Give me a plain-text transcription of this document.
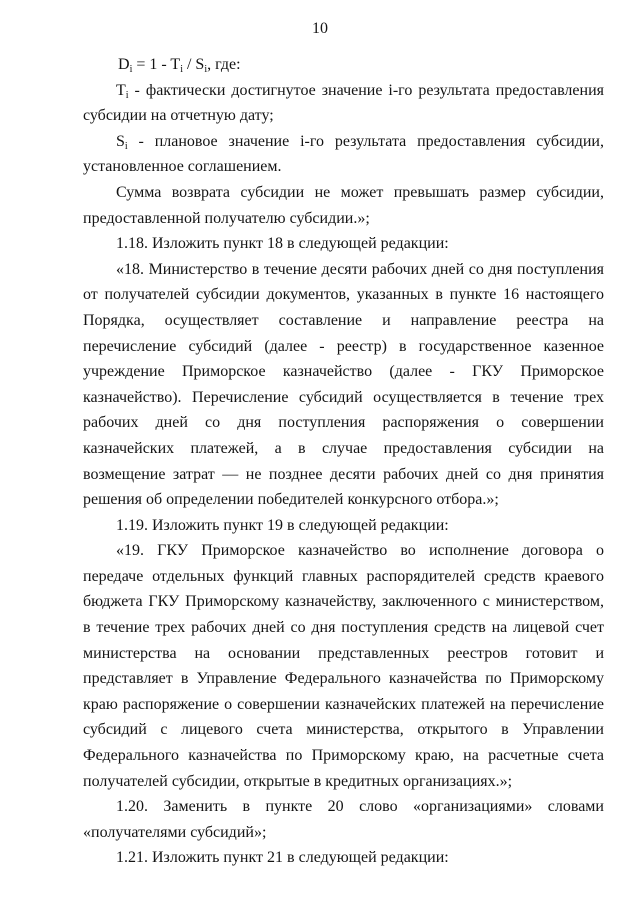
10

$D_i = 1 - T_i / S_i$, где:

$T_i$ - фактически достигнутое значение i-го результата предоставления субсидии на отчетную дату;

$S_i$ - плановое значение i-го результата предоставления субсидии, установленное соглашением.

Сумма возврата субсидии не может превышать размер субсидии, предоставленной получателю субсидии.»;

1.18. Изложить пункт 18 в следующей редакции:

«18. Министерство в течение десяти рабочих дней со дня поступления от получателей субсидии документов, указанных в пункте 16 настоящего Порядка, осуществляет составление и направление реестра на перечисление субсидий (далее - реестр) в государственное казенное учреждение Приморское казначейство (далее - ГКУ Приморское казначейство). Перечисление субсидий осуществляется в течение трех рабочих дней со дня поступления распоряжения о совершении казначейских платежей, а в случае предоставления субсидии на возмещение затрат — не позднее десяти рабочих дней со дня принятия решения об определении победителей конкурсного отбора.»;

1.19. Изложить пункт 19 в следующей редакции:

«19. ГКУ Приморское казначейство во исполнение договора о передаче отдельных функций главных распорядителей средств краевого бюджета ГКУ Приморскому казначейству, заключенного с министерством, в течение трех рабочих дней со дня поступления средств на лицевой счет министерства на основании представленных реестров готовит и представляет в Управление Федерального казначейства по Приморскому краю распоряжение о совершении казначейских платежей на перечисление субсидий с лицевого счета министерства, открытого в Управлении Федерального казначейства по Приморскому краю, на расчетные счета получателей субсидии, открытые в кредитных организациях.»;

1.20. Заменить в пункте 20 слово «организациями» словами «получателями субсидий»;

1.21. Изложить пункт 21 в следующей редакции:
